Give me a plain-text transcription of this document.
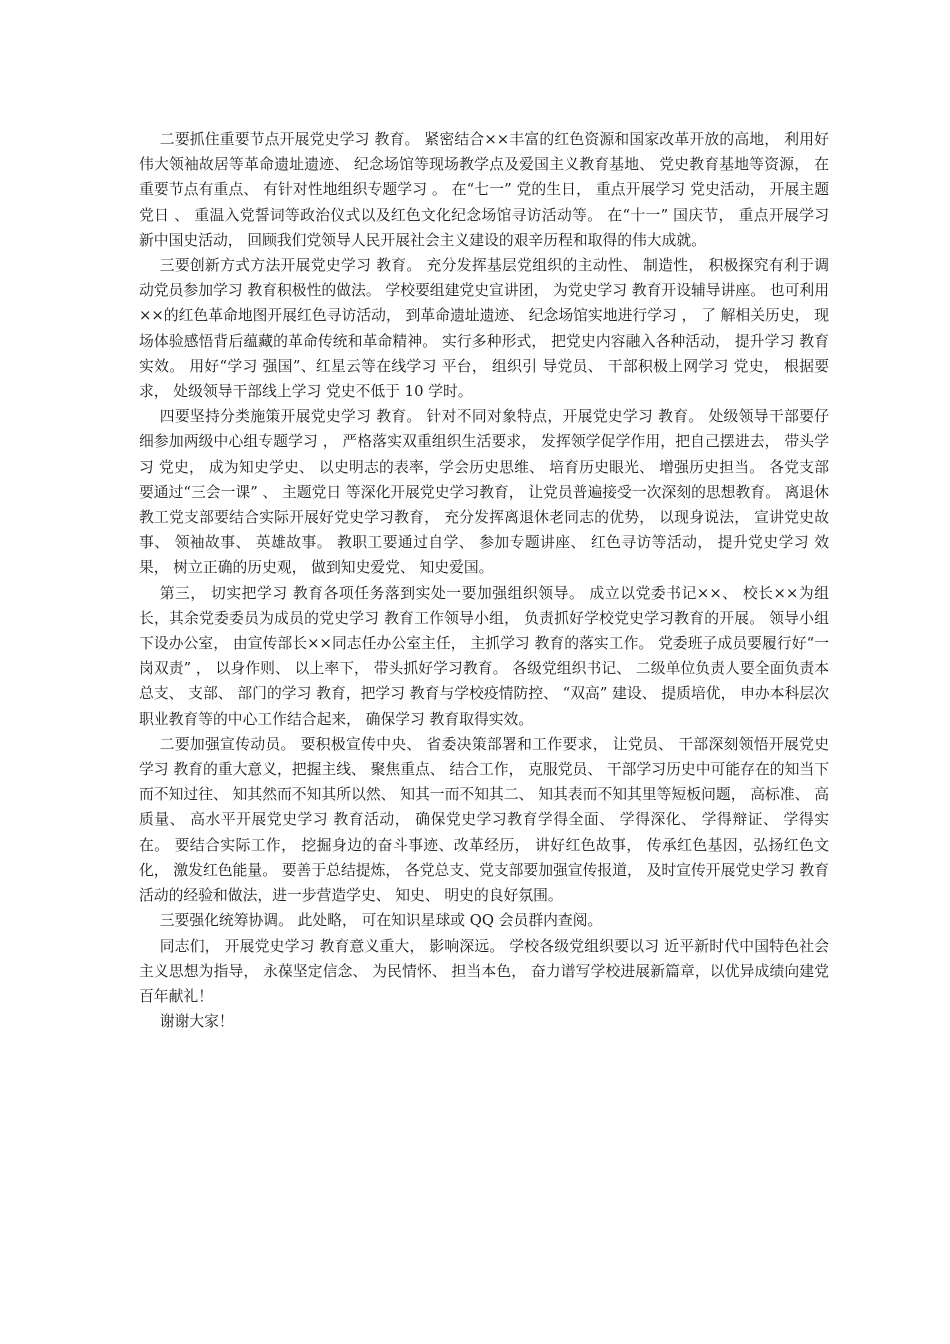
二要抓住重要节点开展党史学习 教育。 紧密结合××丰富的红色资源和国家改革开放的高地， 利用好伟大领袖故居等革命遗址遗迹、 纪念场馆等现场教学点及爱国主义教育基地、 党史教育基地等资源， 在重要节点有重点、 有针对性地组织专题学习 。 在“七一” 党的生日， 重点开展学习 党史活动， 开展主题党日 、 重温入党誓词等政治仪式以及红色文化纪念场馆寻访活动等。 在“十一” 国庆节， 重点开展学习 新中国史活动， 回顾我们党领导人民开展社会主义建设的艰辛历程和取得的伟大成就。

三要创新方式方法开展党史学习 教育。 充分发挥基层党组织的主动性、 制造性， 积极探究有利于调动党员参加学习 教育积极性的做法。 学校要组建党史宣讲团， 为党史学习 教育开设辅导讲座。 也可利用 ××的红色革命地图开展红色寻访活动， 到革命遗址遗迹、 纪念场馆实地进行学习 ， 了 解相关历史， 现场体验感悟背后蕴藏的革命传统和革命精神。 实行多种形式， 把党史内容融入各种活动， 提升学习 教育实效。 用好“学习 强国”、红星云等在线学习 平台， 组织引 导党员、 干部积极上网学习 党史， 根据要求， 处级领导干部线上学习 党史不低于 10 学时。

四要坚持分类施策开展党史学习 教育。 针对不同对象特点，开展党史学习 教育。 处级领导干部要仔细参加两级中心组专题学习 ， 严格落实双重组织生活要求， 发挥领学促学作用，把自己摆进去， 带头学习 党史， 成为知史学史、 以史明志的表率，学会历史思维、 培育历史眼光、 增强历史担当。 各党支部要通过“三会一课” 、 主题党日 等深化开展党史学习教育， 让党员普遍接受一次深刻的思想教育。 离退休教工党支部要结合实际开展好党史学习教育， 充分发挥离退休老同志的优势， 以现身说法， 宣讲党史故事、 领袖故事、 英雄故事。 教职工要通过自学、 参加专题讲座、 红色寻访等活动， 提升党史学习 效果， 树立正确的历史观， 做到知史爱党、 知史爱国。

第三， 切实把学习 教育各项任务落到实处一要加强组织领导。 成立以党委书记××、 校长××为组长，其余党委委员为成员的党史学习 教育工作领导小组， 负责抓好学校党史学习教育的开展。 领导小组下设办公室， 由宣传部长××同志任办公室主任， 主抓学习 教育的落实工作。 党委班子成员要履行好“一岗双责” ， 以身作则、 以上率下， 带头抓好学习教育。 各级党组织书记、 二级单位负责人要全面负责本总支、 支部、 部门的学习 教育，把学习 教育与学校疫情防控、 “双高” 建设、 提质培优， 申办本科层次职业教育等的中心工作结合起来， 确保学习 教育取得实效。

二要加强宣传动员。 要积极宣传中央、 省委决策部署和工作要求， 让党员、 干部深刻领悟开展党史学习 教育的重大意义，把握主线、 聚焦重点、 结合工作， 克服党员、 干部学习历史中可能存在的知当下而不知过往、 知其然而不知其所以然、 知其一而不知其二、 知其表而不知其里等短板问题， 高标准、 高质量、 高水平开展党史学习 教育活动， 确保党史学习教育学得全面、 学得深化、 学得辩证、 学得实在。 要结合实际工作， 挖掘身边的奋斗事迹、改革经历， 讲好红色故事， 传承红色基因，弘扬红色文化， 激发红色能量。 要善于总结提炼， 各党总支、党支部要加强宣传报道， 及时宣传开展党史学习 教育活动的经验和做法，进一步营造学史、 知史、 明史的良好氛围。

三要强化统筹协调。 此处略， 可在知识星球或 QQ 会员群内查阅。

同志们， 开展党史学习 教育意义重大， 影响深远。 学校各级党组织要以习 近平新时代中国特色社会主义思想为指导， 永葆坚定信念、 为民情怀、 担当本色， 奋力谱写学校进展新篇章，以优异成绩向建党百年献礼！

谢谢大家！
